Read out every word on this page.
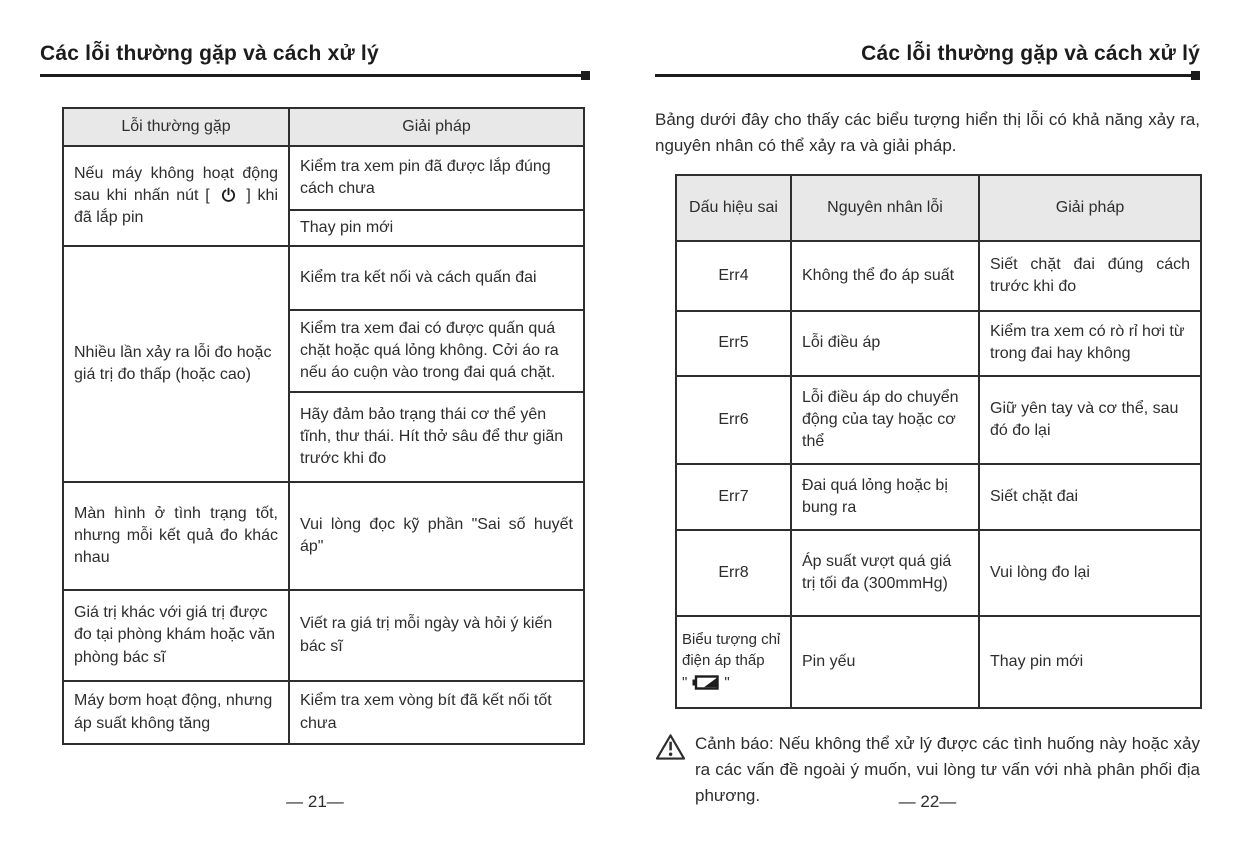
Các lỗi thường gặp và cách xử lý
Lỗi thường gặp	Giải pháp
Nếu máy không hoạt động sau khi nhấn nút [ ] khi đã lắp pin	Kiểm tra xem pin đã được lắp đúng cách chưa
	Thay pin mới
Nhiều lần xảy ra lỗi đo hoặc giá trị đo thấp (hoặc cao)	Kiểm tra kết nối và cách quấn đai
	Kiểm tra xem đai có được quấn quá chặt hoặc quá lỏng không. Cởi áo ra nếu áo cuộn vào trong đai quá chặt.
	Hãy đảm bảo trạng thái cơ thể yên tĩnh, thư thái. Hít thở sâu để thư giãn trước khi đo
Màn hình ở tình trạng tốt, nhưng mỗi kết quả đo khác nhau	Vui lòng đọc kỹ phần "Sai số huyết áp"
Giá trị khác với giá trị được đo tại phòng khám hoặc văn phòng bác sĩ	Viết ra giá trị mỗi ngày và hỏi ý kiến bác sĩ
Máy bơm hoạt động, nhưng áp suất không tăng	Kiểm tra xem vòng bít đã kết nối tốt chưa
— 21—
Các lỗi thường gặp và cách xử lý

Bảng dưới đây cho thấy các biểu tượng hiển thị lỗi có khả năng xảy ra, nguyên nhân có thể xảy ra và giải pháp.

Dấu hiệu sai	Nguyên nhân lỗi	Giải pháp
Err4	Không thể đo áp suất	Siết chặt đai đúng cách trước khi đo
Err5	Lỗi điều áp	Kiểm tra xem có rò rỉ hơi từ trong đai hay không
Err6	Lỗi điều áp do chuyển động của tay hoặc cơ thể	Giữ yên tay và cơ thể, sau đó đo lại
Err7	Đai quá lỏng hoặc bị bung ra	Siết chặt đai
Err8	Áp suất vượt quá giá trị tối đa (300mmHg)	Vui lòng đo lại
Biểu tượng chỉ điện áp thấp
" "	Pin yếu	Thay pin mới
Cảnh báo: Nếu không thể xử lý được các tình huống này hoặc xảy ra các vấn đề ngoài ý muốn, vui lòng tư vấn với nhà phân phối địa phương.	— 22—
